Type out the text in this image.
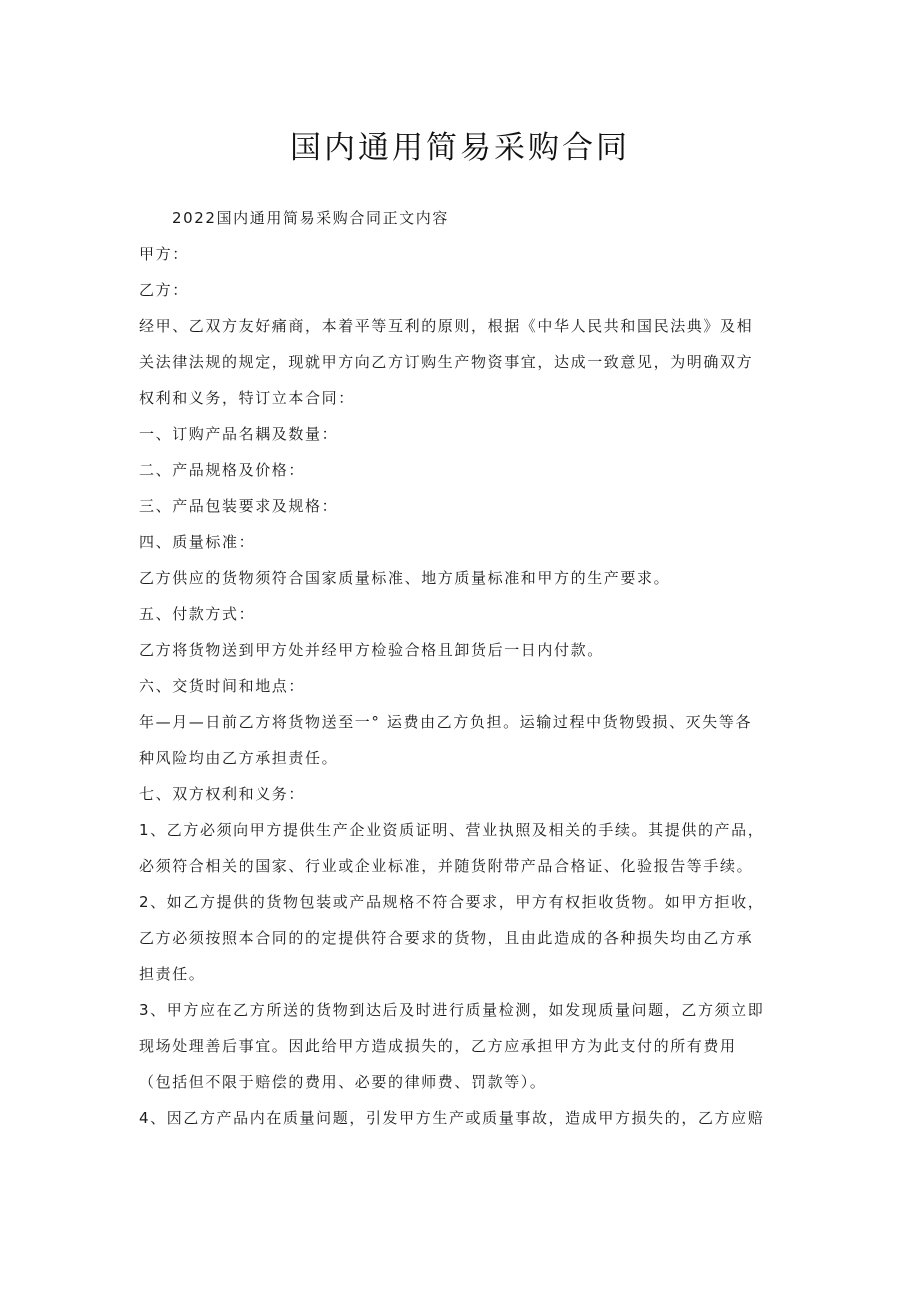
国内通用简易采购合同
2022国内通用简易采购合同正文内容
甲方：
乙方：
经甲、乙双方友好痛商，本着平等互利的原则，根据《中华人民共和国民法典》及相
关法律法规的规定，现就甲方向乙方订购生产物资事宜，达成一致意见，为明确双方
权利和义务，特订立本合同：
一、订购产品名耦及数量：
二、产品规格及价格：
三、产品包装要求及规格：
四、质量标准：
乙方供应的货物须符合国家质量标准、地方质量标准和甲方的生产要求。
五、付款方式：
乙方将货物送到甲方处并经甲方检验合格且卸货后一日内付款。
六、交货时间和地点：
年—月—日前乙方将货物送至一° 运费由乙方负担。运输过程中货物毁损、灭失等各
种风险均由乙方承担责任。
七、双方权利和义务：
1、乙方必须向甲方提供生产企业资质证明、营业执照及相关的手续。其提供的产品，
必须符合相关的国家、行业或企业标准，并随货附带产品合格证、化验报告等手续。
2、如乙方提供的货物包装或产品规格不符合要求，甲方有权拒收货物。如甲方拒收，
乙方必须按照本合同的的定提供符合要求的货物，且由此造成的各种损失均由乙方承
担责任。
3、甲方应在乙方所送的货物到达后及时进行质量检测，如发现质量问题，乙方须立即
现场处理善后事宜。因此给甲方造成损失的，乙方应承担甲方为此支付的所有费用
（包括但不限于赔偿的费用、必要的律师费、罚款等）。
4、因乙方产品内在质量问题，引发甲方生产或质量事故，造成甲方损失的，乙方应赔
